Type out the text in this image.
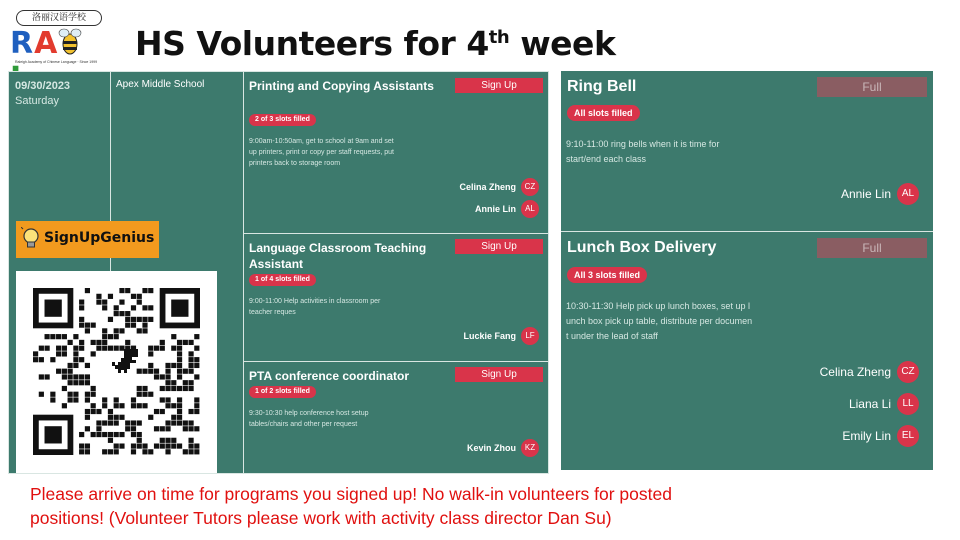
洛丽汉语学校
RA
Raleigh Academy of Chinese Language · Since 1999 HS Volunteers for 4th week
09/30/2023
Saturday
Apex Middle School	Printing and Copying Assistants	Sign Up
2 of 3 slots filled
9:00am-10:50am, get to school at 9am and set
up printers, print or copy per staff requests, put
printers back to storage room
Celina Zheng	CZ
Annie Lin	AL
Language Classroom Teaching Assistant
Sign Up
1 of 4 slots filled
9:00-11:00 Help activities in classroom per
teacher reques
Luckie Fang	LF
PTA conference coordinator	Sign Up
1 of 2 slots filled
9:30-10:30 help conference host setup
tables/chairs and other per request
Kevin Zhou	KZ
Ring Bell	Full
All slots filled
9:10-11:00 ring bells when it is time for
start/end each class
Annie Lin	AL
Lunch Box Delivery	Full
All 3 slots filled
10:30-11:30 Help pick up lunch boxes, set up l
unch box pick up table, distribute per documen
t under the lead of staff
Celina Zheng	CZ
Liana Li	LL
Emily Lin	EL
SignUpGenius
Please arrive on time for programs you signed up! No walk-in volunteers for posted
positions! (Volunteer Tutors please work with activity class director Dan Su)
